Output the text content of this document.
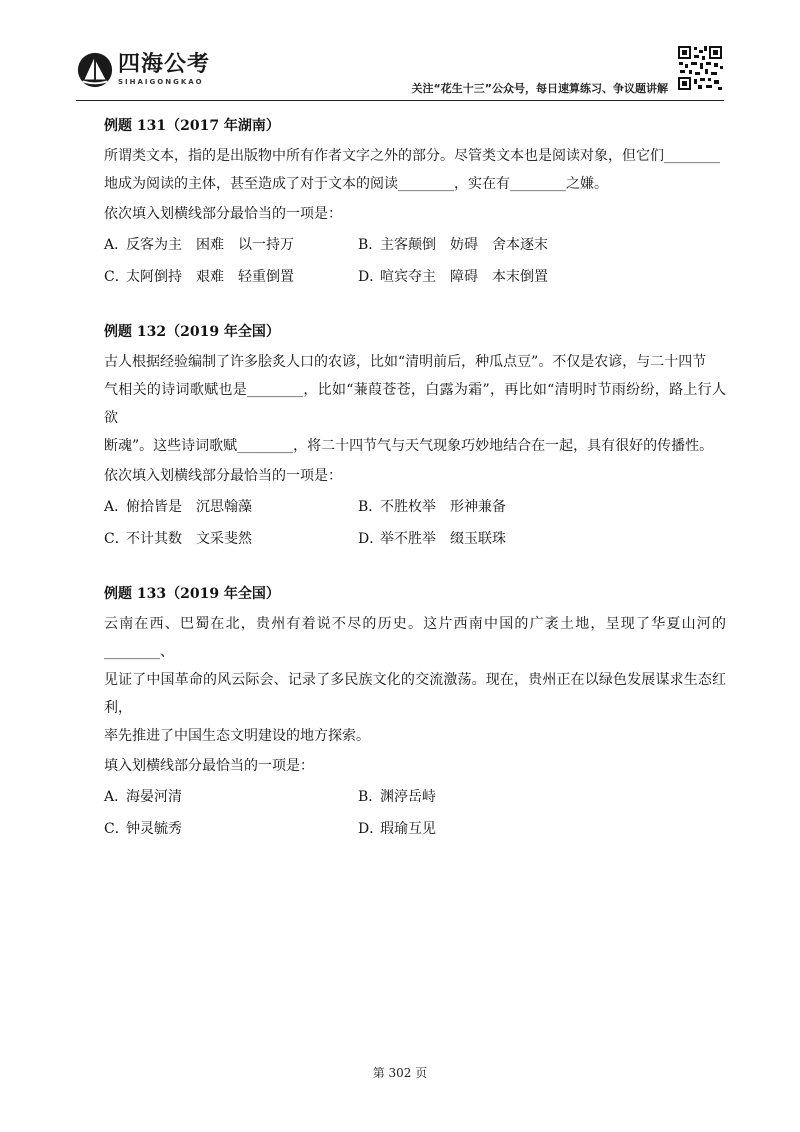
四海公考
SIHAIGONGKAO	关注“花生十三”公众号，每日速算练习、争议题讲解
例题 131（2017 年湖南）

所谓类文本，指的是出版物中所有作者文字之外的部分。尽管类文本也是阅读对象，但它们________

地成为阅读的主体，甚至造成了对于文本的阅读________，实在有________之嫌。

依次填入划横线部分最恰当的一项是：
A．
反客为主　困难　以一持万	B．
主客颠倒　妨碍　舍本逐末
C．
太阿倒持　艰难　轻重倒置	D．
喧宾夺主　障碍　本末倒置
例题 132（2019 年全国）

古人根据经验编制了许多脍炙人口的农谚，比如“清明前后，种瓜点豆”。不仅是农谚，与二十四节

气相关的诗词歌赋也是________，比如“蒹葭苍苍，白露为霜”，再比如“清明时节雨纷纷，路上行人欲

断魂”。这些诗词歌赋________，将二十四节气与天气现象巧妙地结合在一起，具有很好的传播性。

依次填入划横线部分最恰当的一项是：
A．
俯拾皆是　沉思翰藻	B．
不胜枚举　形神兼备
C．
不计其数　文采斐然	D．
举不胜举　缀玉联珠
例题 133（2019 年全国）

云南在西、巴蜀在北，贵州有着说不尽的历史。这片西南中国的广袤土地，呈现了华夏山河的________、

见证了中国革命的风云际会、记录了多民族文化的交流激荡。现在，贵州正在以绿色发展谋求生态红利，

率先推进了中国生态文明建设的地方探索。

填入划横线部分最恰当的一项是：
A．
海晏河清	B．
渊渟岳峙
C．
钟灵毓秀	D．
瑕瑜互见
第 302 页
